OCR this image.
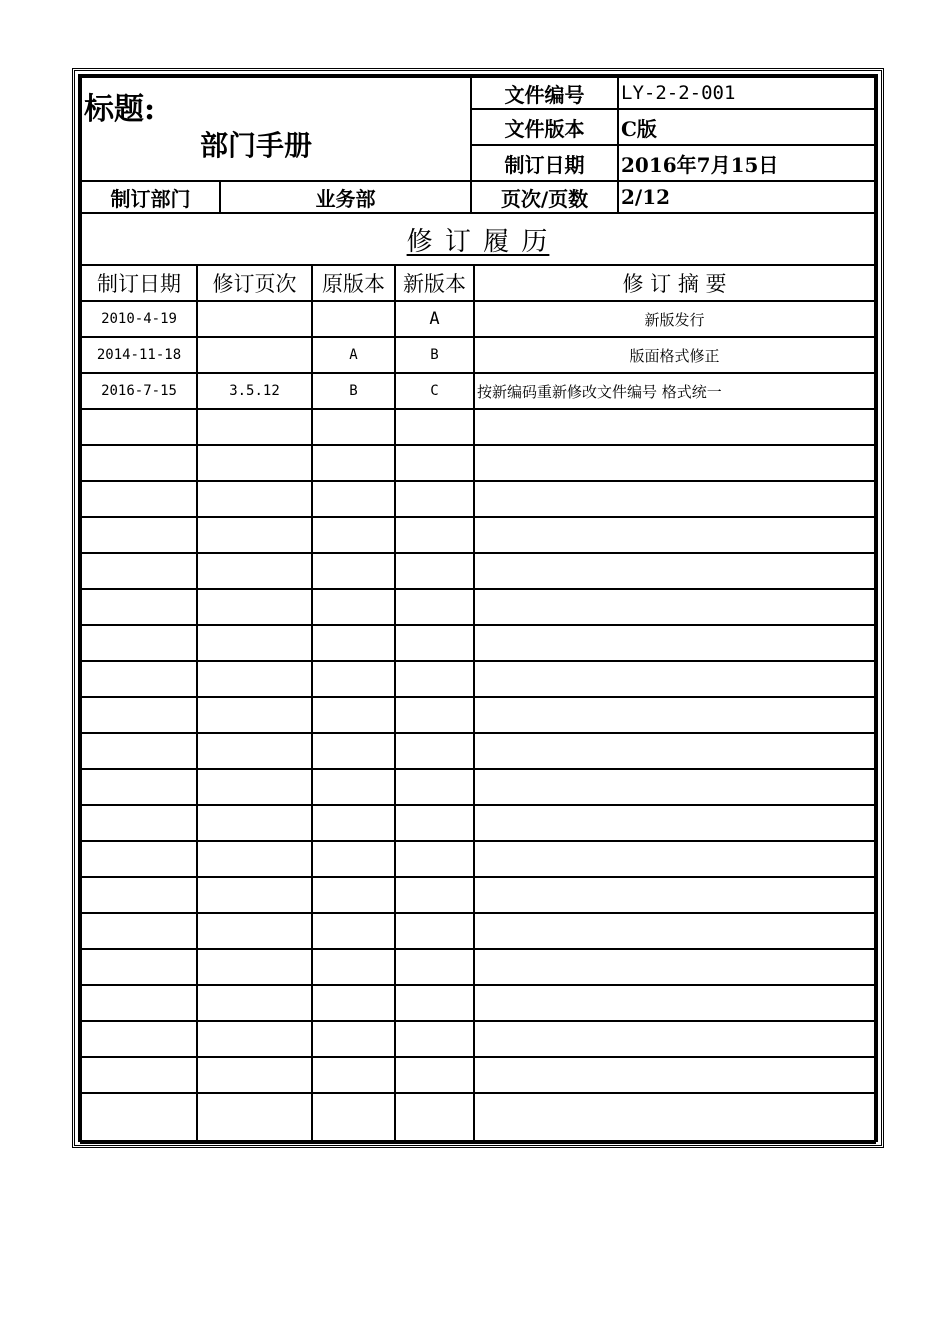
标题:
部门手册		文件编号	LY-2-2-001
		文件版本	C版
		制订日期	2016年7月15日
制订部门	业务部	页次/页数	2/12
修 订 履 历				
制订日期	修订页次	原版本	新版本	修 订 摘 要
2010-4-19			A	新版发行
2014-11-18		A	B	版面格式修正
2016-7-15	3.5.12	B	C	按新编码重新修改文件编号 格式统一
